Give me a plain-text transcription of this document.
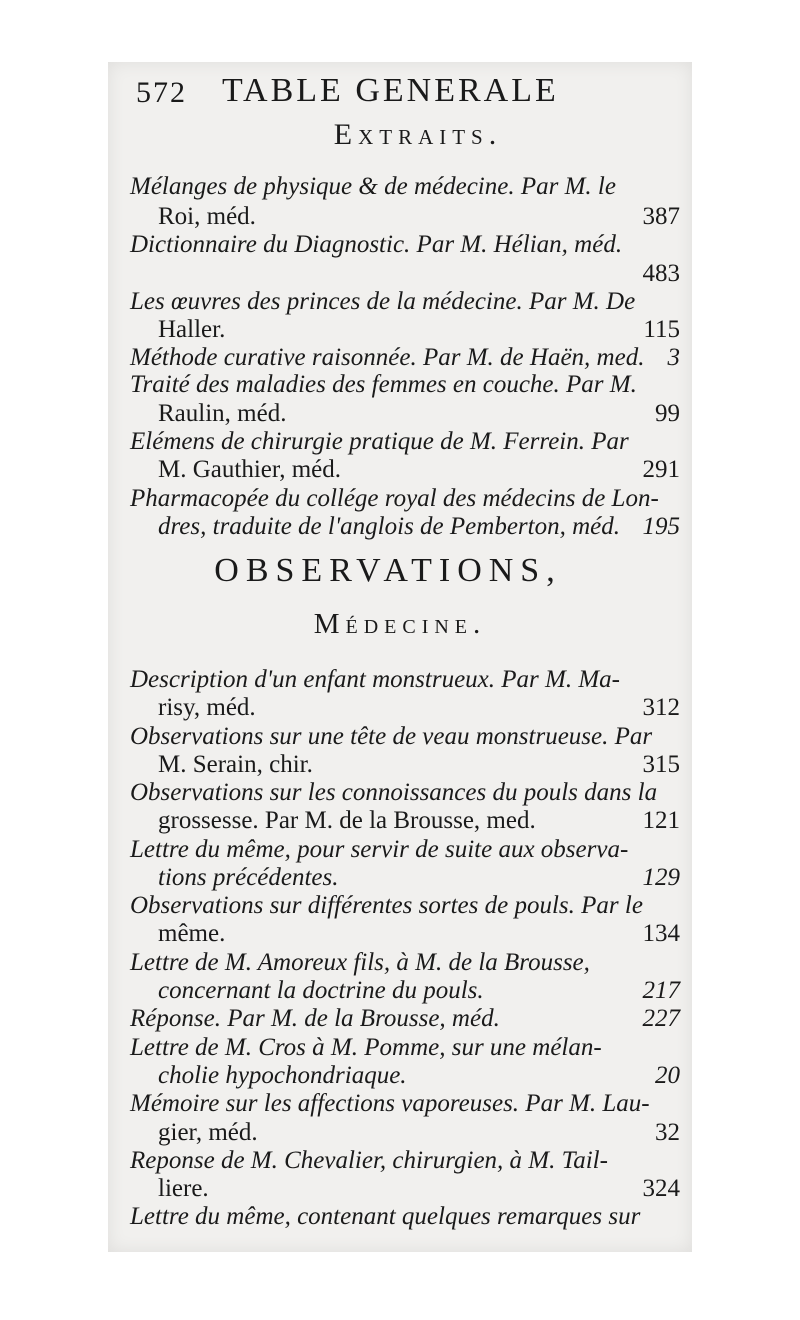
572 TABLE GENERALE
Extraits.
Mélanges de physique & de médecine. Par M. le
Roi, méd.	387
Dictionnaire du Diagnostic. Par M. Hélian, méd.
483
Les œuvres des princes de la médecine. Par M. De
Haller.	115
Méthode curative raisonnée. Par M. de Haën, med. 3
Traité des maladies des femmes en couche. Par M.
Raulin, méd.	99
Elémens de chirurgie pratique de M. Ferrein. Par
M. Gauthier, méd.	291
Pharmacopée du collége royal des médecins de Lon-
dres, traduite de l'anglois de Pemberton, méd. 195
OBSERVATIONS,
Médecine.
Description d'un enfant monstrueux. Par M. Ma-
risy, méd.	312
Observations sur une tête de veau monstrueuse. Par
M. Serain, chir.	315
Observations sur les connoissances du pouls dans la
grossesse. Par M. de la Brousse, med.	121
Lettre du même, pour servir de suite aux observa-
tions précédentes.	129
Observations sur différentes sortes de pouls. Par le
même.	134
Lettre de M. Amoreux fils, à M. de la Brousse,
concernant la doctrine du pouls.	217
Réponse. Par M. de la Brousse, méd.	227
Lettre de M. Cros à M. Pomme, sur une mélan-
cholie hypochondriaque.	20
Mémoire sur les affections vaporeuses. Par M. Lau-
gier, méd.	32
Reponse de M. Chevalier, chirurgien, à M. Tail-
liere.	324
Lettre du même, contenant quelques remarques sur
